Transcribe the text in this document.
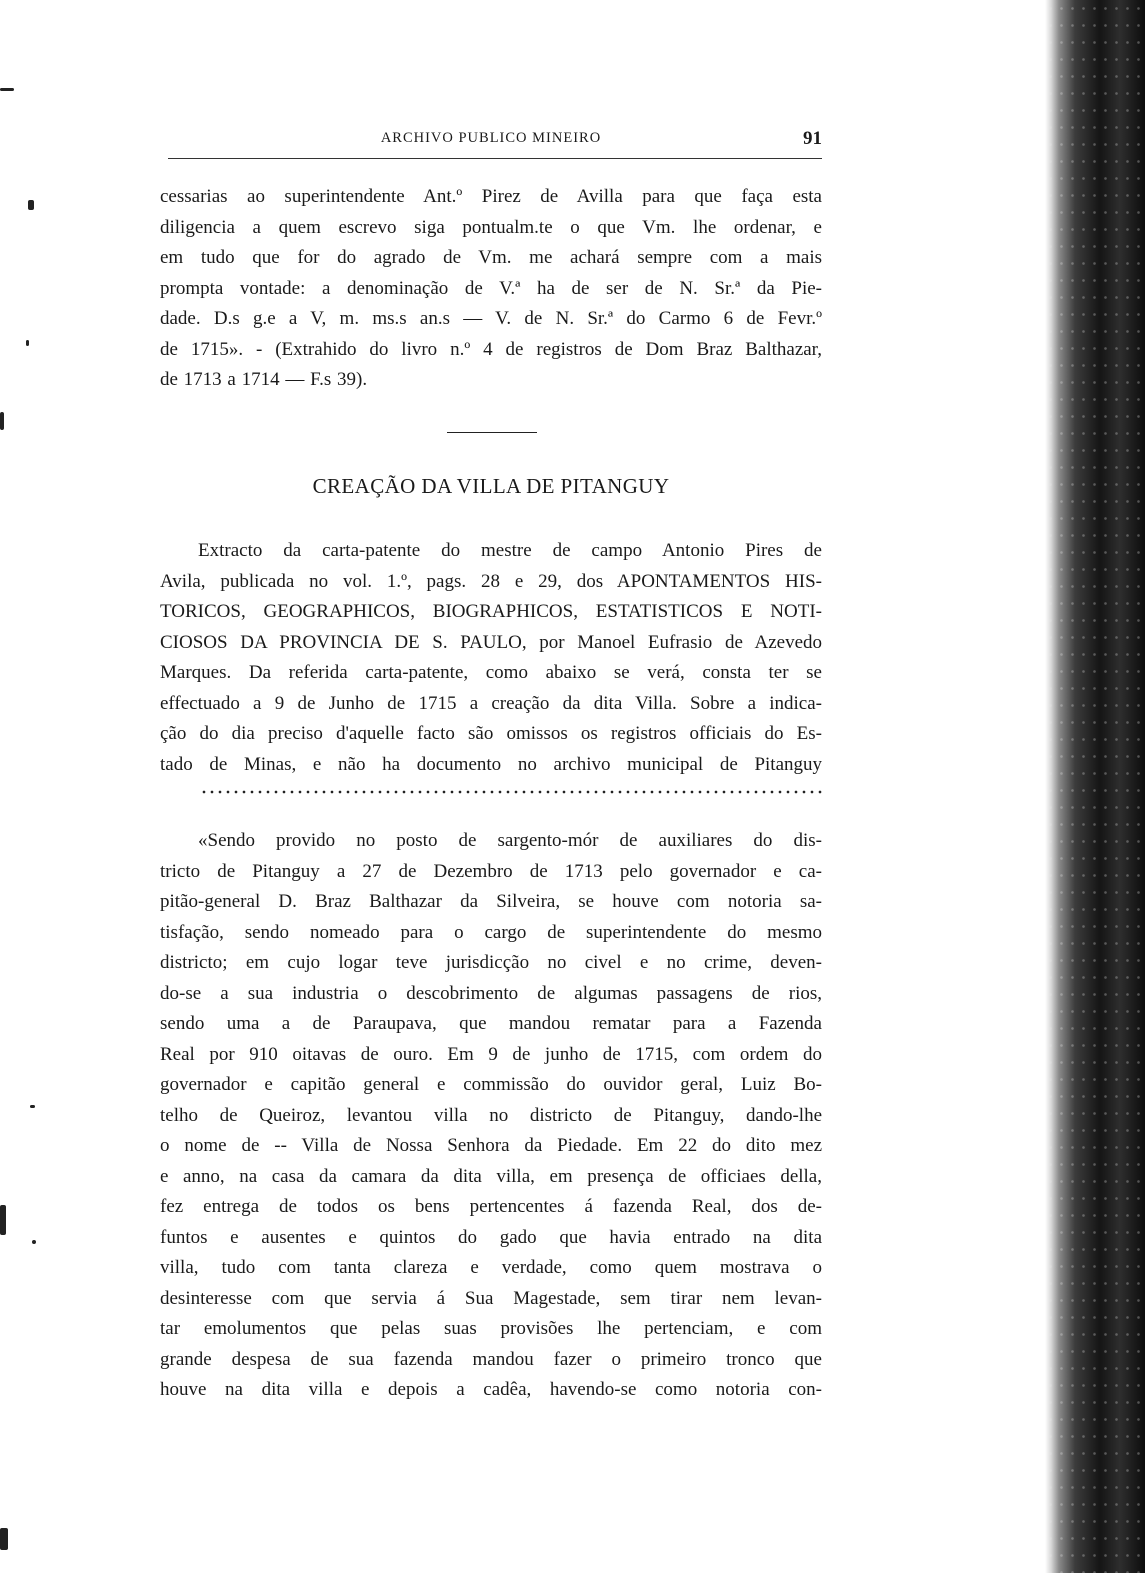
ARCHIVO PUBLICO MINEIRO	91
cessarias ao superintendente Ant.º Pirez de Avilla para que faça esta
diligencia a quem escrevo siga pontualm.te o que Vm. lhe ordenar, e
em tudo que for do agrado de Vm. me achará sempre com a mais
prompta vontade: a denominação de V.ª ha de ser de N. Sr.ª da Pie-
dade. D.s g.e a V, m. ms.s an.s — V. de N. Sr.ª do Carmo 6 de Fevr.º
de 1715». - (Extrahido do livro n.º 4 de registros de Dom Braz Balthazar,
de 1713 a 1714 — F.s 39).
CREAÇÃO DA VILLA DE PITANGUY
Extracto da carta-patente do mestre de campo Antonio Pires de
Avila, publicada no vol. 1.º, pags. 28 e 29, dos APONTAMENTOS HIS-
TORICOS, GEOGRAPHICOS, BIOGRAPHICOS, ESTATISTICOS E NOTI-
CIOSOS DA PROVINCIA DE S. PAULO, por Manoel Eufrasio de Azevedo
Marques. Da referida carta-patente, como abaixo se verá, consta ter se
effectuado a 9 de Junho de 1715 a creação da dita Villa. Sobre a indica-
ção do dia preciso d'aquelle facto são omissos os registros officiais do Es-
tado de Minas, e não ha documento no archivo municipal de Pitanguy
«Sendo provido no posto de sargento-mór de auxiliares do dis-
tricto de Pitanguy a 27 de Dezembro de 1713 pelo governador e ca-
pitão-general D. Braz Balthazar da Silveira, se houve com notoria sa-
tisfação, sendo nomeado para o cargo de superintendente do mesmo
districto; em cujo logar teve jurisdicção no civel e no crime, deven-
do-se a sua industria o descobrimento de algumas passagens de rios,
sendo uma a de Paraupava, que mandou rematar para a Fazenda
Real por 910 oitavas de ouro. Em 9 de junho de 1715, com ordem do
governador e capitão general e commissão do ouvidor geral, Luiz Bo-
telho de Queiroz, levantou villa no districto de Pitanguy, dando-lhe
o nome de -- Villa de Nossa Senhora da Piedade. Em 22 do dito mez
e anno, na casa da camara da dita villa, em presença de officiaes della,
fez entrega de todos os bens pertencentes á fazenda Real, dos de-
funtos e ausentes e quintos do gado que havia entrado na dita
villa, tudo com tanta clareza e verdade, como quem mostrava o
desinteresse com que servia á Sua Magestade, sem tirar nem levan-
tar emolumentos que pelas suas provisões lhe pertenciam, e com
grande despesa de sua fazenda mandou fazer o primeiro tronco que
houve na dita villa e depois a cadêa, havendo-se como notoria con-
